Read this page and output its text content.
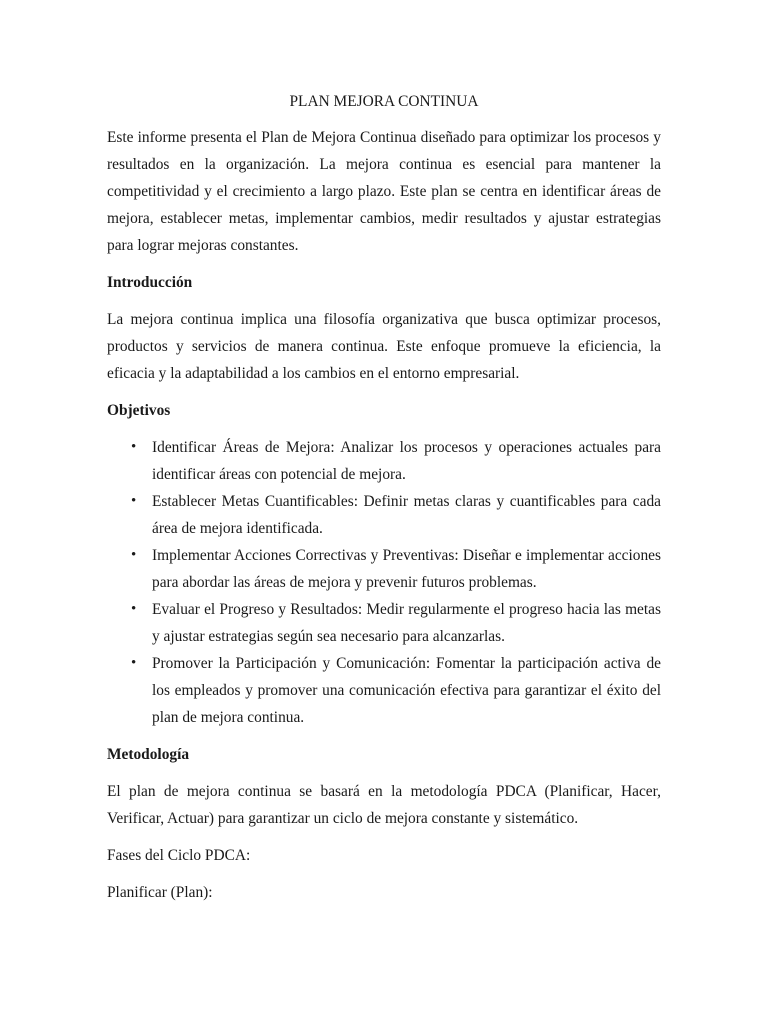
PLAN MEJORA CONTINUA

Este informe presenta el Plan de Mejora Continua diseñado para optimizar los procesos y resultados en la organización. La mejora continua es esencial para mantener la competitividad y el crecimiento a largo plazo. Este plan se centra en identificar áreas de mejora, establecer metas, implementar cambios, medir resultados y ajustar estrategias para lograr mejoras constantes.

Introducción

La mejora continua implica una filosofía organizativa que busca optimizar procesos, productos y servicios de manera continua. Este enfoque promueve la eficiencia, la eficacia y la adaptabilidad a los cambios en el entorno empresarial.

Objetivos
• Identificar Áreas de Mejora: Analizar los procesos y operaciones actuales para identificar áreas con potencial de mejora.
• Establecer Metas Cuantificables: Definir metas claras y cuantificables para cada área de mejora identificada.
• Implementar Acciones Correctivas y Preventivas: Diseñar e implementar acciones para abordar las áreas de mejora y prevenir futuros problemas.
• Evaluar el Progreso y Resultados: Medir regularmente el progreso hacia las metas y ajustar estrategias según sea necesario para alcanzarlas.
• Promover la Participación y Comunicación: Fomentar la participación activa de los empleados y promover una comunicación efectiva para garantizar el éxito del plan de mejora continua.
Metodología

El plan de mejora continua se basará en la metodología PDCA (Planificar, Hacer, Verificar, Actuar) para garantizar un ciclo de mejora constante y sistemático.

Fases del Ciclo PDCA:

Planificar (Plan):
